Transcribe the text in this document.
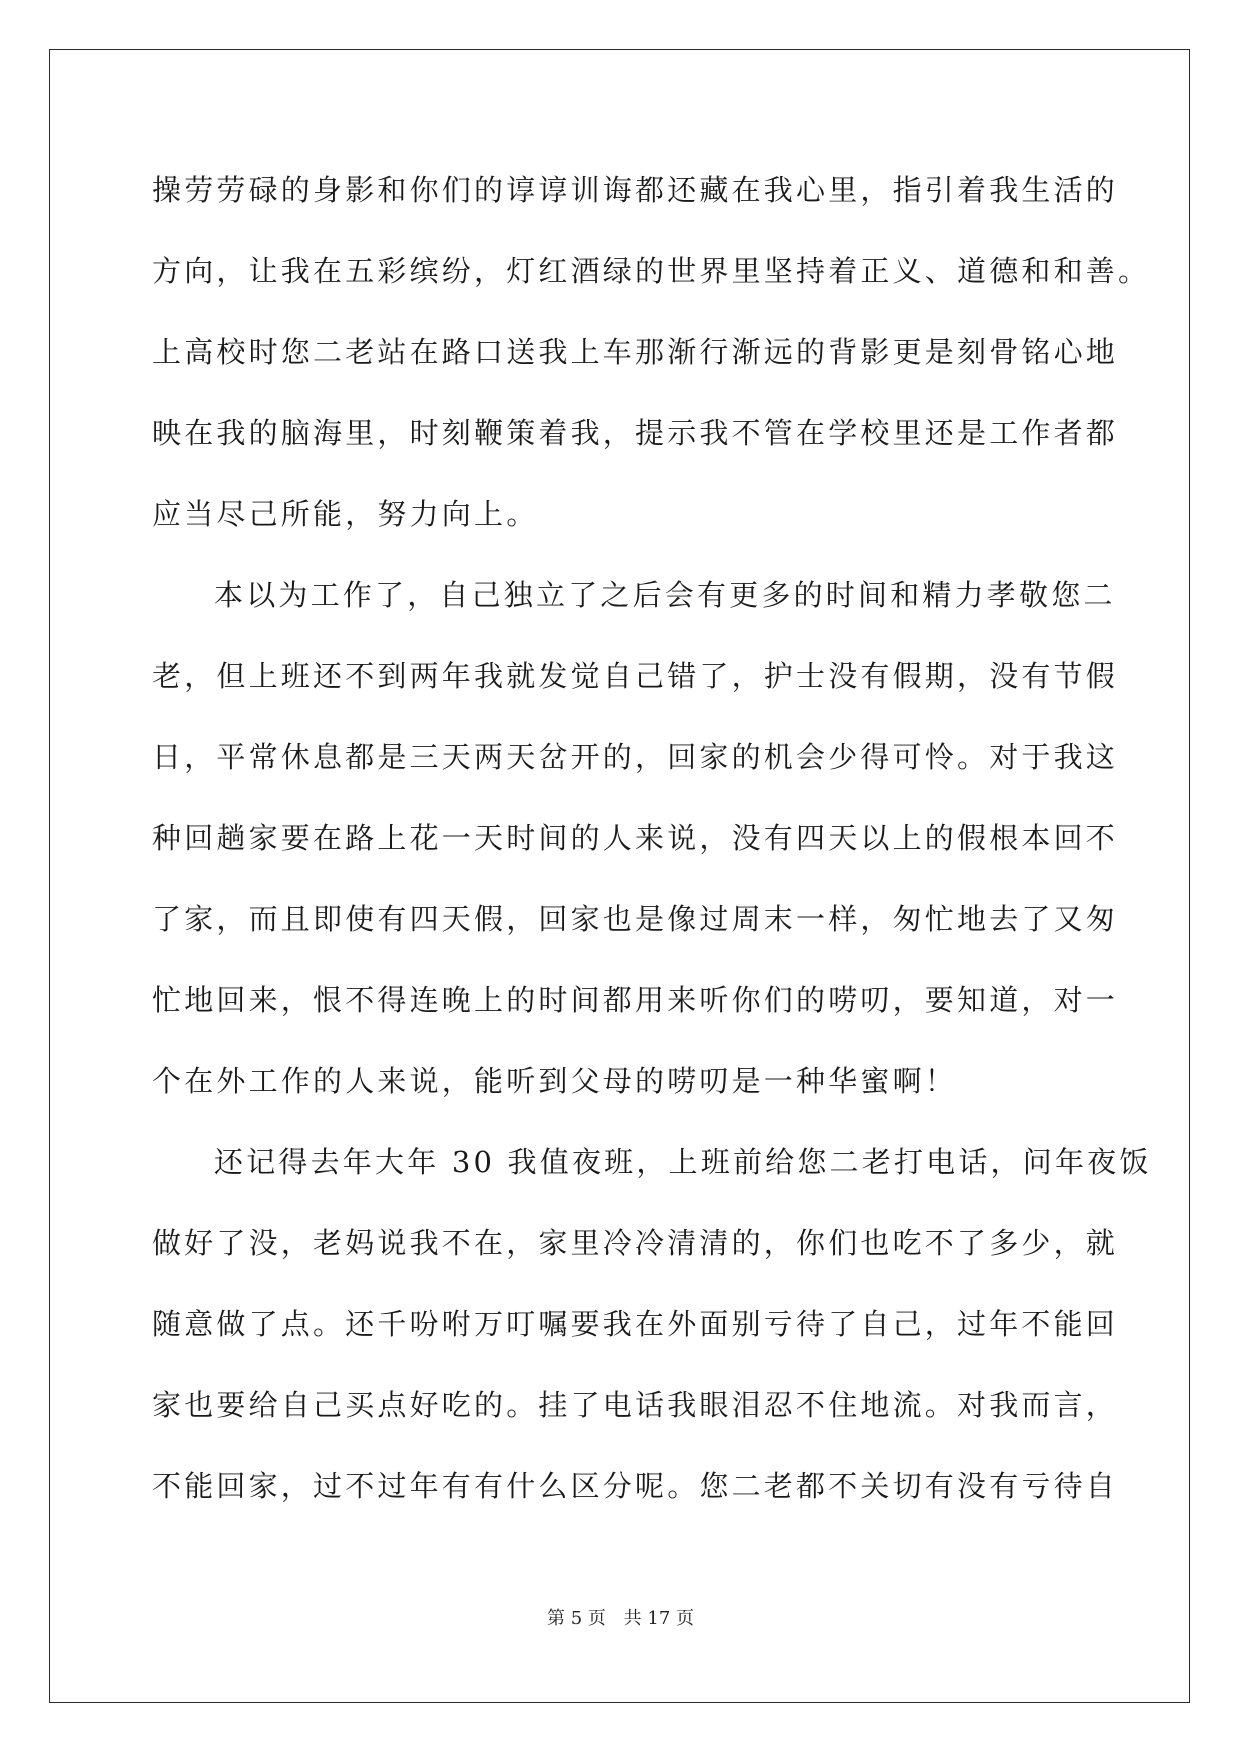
操劳劳碌的身影和你们的谆谆训诲都还藏在我心里，指引着我生活的

方向，让我在五彩缤纷，灯红酒绿的世界里坚持着正义、道德和和善。

上高校时您二老站在路口送我上车那渐行渐远的背影更是刻骨铭心地

映在我的脑海里，时刻鞭策着我，提示我不管在学校里还是工作者都

应当尽己所能，努力向上。

本以为工作了，自己独立了之后会有更多的时间和精力孝敬您二

老，但上班还不到两年我就发觉自己错了，护士没有假期，没有节假

日，平常休息都是三天两天岔开的，回家的机会少得可怜。对于我这

种回趟家要在路上花一天时间的人来说，没有四天以上的假根本回不

了家，而且即使有四天假，回家也是像过周末一样，匆忙地去了又匆

忙地回来，恨不得连晚上的时间都用来听你们的唠叨，要知道，对一

个在外工作的人来说，能听到父母的唠叨是一种华蜜啊！

还记得去年大年 30 我值夜班，上班前给您二老打电话，问年夜饭

做好了没，老妈说我不在，家里冷冷清清的，你们也吃不了多少，就

随意做了点。还千吩咐万叮嘱要我在外面别亏待了自己，过年不能回

家也要给自己买点好吃的。挂了电话我眼泪忍不住地流。对我而言，

不能回家，过不过年有有什么区分呢。您二老都不关切有没有亏待自

第 5 页 共 17 页
